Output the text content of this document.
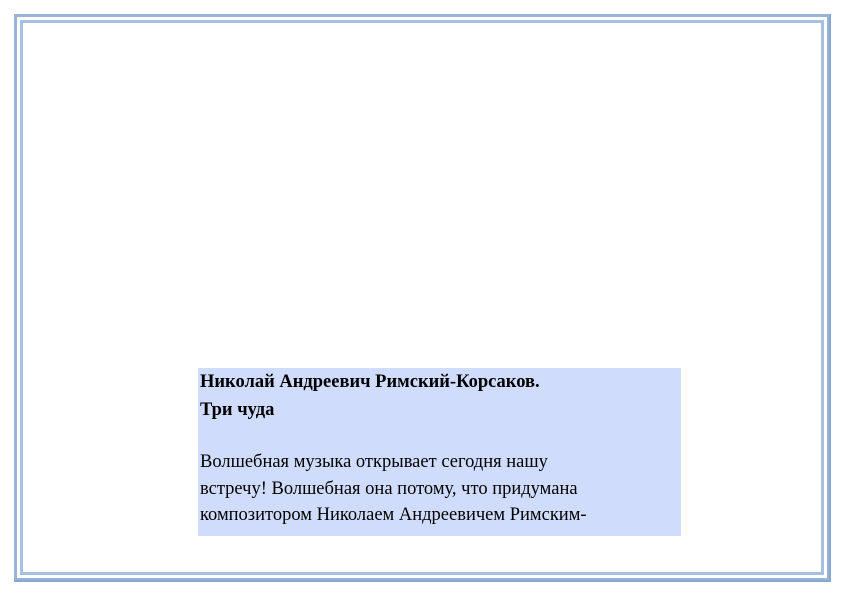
Николай Андреевич Римский-Корсаков.

Три чуда

Волшебная музыка открывает сегодня нашу

встречу! Волшебная она потому, что придумана

композитором Николаем Андреевичем Римским-
